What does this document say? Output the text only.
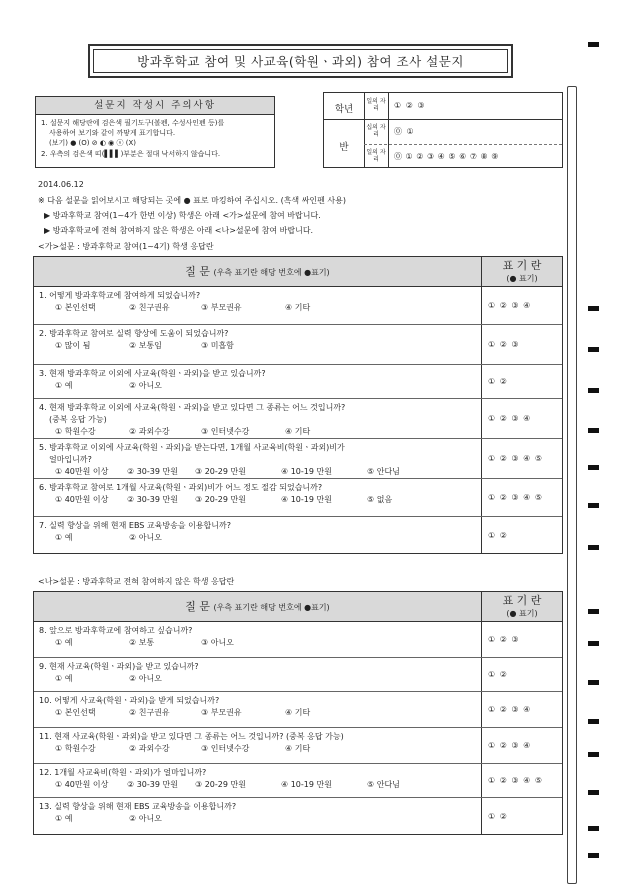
방과후학교 참여 및 사교육(학원ㆍ과외) 참여 조사 설문지
설문지 작성시 주의사항
1. 설문지 해당란에 검은색 필기도구(볼펜, 수성사인펜 등)를
사용하여 보기와 같이 까맣게 표기합니다.
(보기) ● (O) ⊘ ◐ ◉ ⓢ (X)
2. 우측의 검은색 띠(▌▌▌)부분은 절대 낙서하지 않습니다.
학년
반
일의 자리	① ② ③
십의 자리	⓪ ①
일의 자리	⓪ ① ② ③ ④ ⑤ ⑥ ⑦ ⑧ ⑨
2014.06.12
※ 다음 설문을 읽어보시고 해당되는 곳에 ● 표로 마킹하여 주십시오. (흑색 싸인펜 사용)
▶ 방과후학교 참여(1~4가 한번 이상) 학생은 아래 <가>설문에 참여 바랍니다.
▶ 방과후학교에 전혀 참여하지 않은 학생은 아래 <나>설문에 참여 바랍니다.
<가>설문 : 방과후학교 참여(1~4기) 학생 응답란
질 문 (우측 표기란 해당 번호에 ●표기)
표 기 란
(● 표기)
1. 어떻게 방과후학교에 참여하게 되었습니까?
① 본인선택	② 친구권유	③ 부모권유	④ 기타	① ② ③ ④
2. 방과후학교 참여로 실력 향상에 도움이 되었습니까?
① 많이 됨	② 보통임	③ 미흡함	① ② ③
3. 현재 방과후학교 이외에 사교육(학원ㆍ과외)을 받고 있습니까?
① 예	② 아니오	① ②
4. 현재 방과후학교 이외에 사교육(학원ㆍ과외)을 받고 있다면 그 종류는 어느 것입니까?
(중복 응답 가능)
① 학원수강	② 과외수강	③ 인터넷수강	④ 기타
① ② ③ ④
5. 방과후학교 이외에 사교육(학원ㆍ과외)을 받는다면, 1개월 사교육비(학원ㆍ과외)비가
얼마입니까?
① 40만원 이상	② 30-39 만원	③ 20-29 만원	④ 10-19 만원	⑤ 안다님
① ② ③ ④ ⑤
6. 방과후학교 참여로 1개월 사교육(학원ㆍ과외)비가 어느 정도 절감 되었습니까?
① 40만원 이상	② 30-39 만원	③ 20-29 만원	④ 10-19 만원	⑤ 없음	① ② ③ ④ ⑤
7. 실력 향상을 위해 현재 EBS 교육방송을 이용합니까?
① 예	② 아니오	① ②
<나>설문 : 방과후학교 전혀 참여하지 않은 학생 응답란
질 문 (우측 표기란 해당 번호에 ●표기)
표 기 란
(● 표기)
8. 앞으로 방과후학교에 참여하고 싶습니까?
① 예	② 보통	③ 아니오	① ② ③
9. 현재 사교육(학원ㆍ과외)을 받고 있습니까?
① 예	② 아니오	① ②
10. 어떻게 사교육(학원ㆍ과외)을 받게 되었습니까?
① 본인선택	② 친구권유	③ 부모권유	④ 기타	① ② ③ ④
11. 현재 사교육(학원ㆍ과외)을 받고 있다면 그 종류는 어느 것입니까? (중복 응답 가능)
① 학원수강	② 과외수강	③ 인터넷수강	④ 기타	① ② ③ ④
12. 1개월 사교육비(학원ㆍ과외)가 얼마입니까?
① 40만원 이상	② 30-39 만원	③ 20-29 만원	④ 10-19 만원	⑤ 안다님	① ② ③ ④ ⑤
13. 실력 향상을 위해 현재 EBS 교육방송을 이용합니까?
① 예	② 아니오	① ②
